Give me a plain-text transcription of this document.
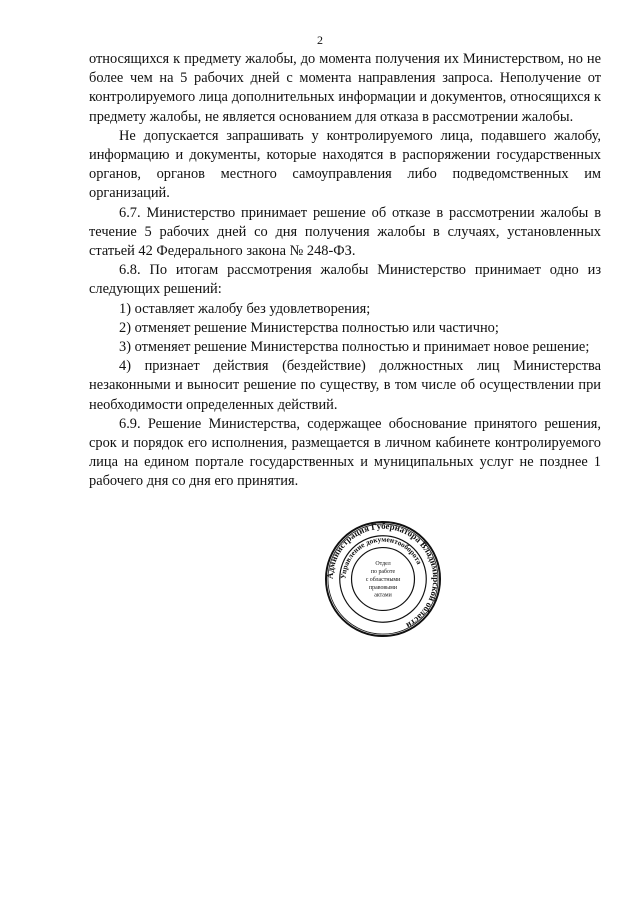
2

относящихся к предмету жалобы, до момента получения их Министерством, но не более чем на 5 рабочих дней с момента направления запроса. Неполучение от контролируемого лица дополнительных информации и документов, относящихся к предмету жалобы, не является основанием для отказа в рассмотрении жалобы.

Не допускается запрашивать у контролируемого лица, подавшего жалобу, информацию и документы, которые находятся в распоряжении государственных органов, органов местного самоуправления либо подведомственных им организаций.

6.7. Министерство принимает решение об отказе в рассмотрении жалобы в течение 5 рабочих дней со дня получения жалобы в случаях, установленных статьей 42 Федерального закона № 248-ФЗ.

6.8. По итогам рассмотрения жалобы Министерство принимает одно из следующих решений:

1) оставляет жалобу без удовлетворения;

2) отменяет решение Министерства полностью или частично;

3) отменяет решение Министерства полностью и принимает новое решение;

4) признает действия (бездействие) должностных лиц Министерства незаконными и выносит решение по существу, в том числе об осуществлении при необходимости определенных действий.

6.9. Решение Министерства, содержащее обоснование принятого решения, срок и порядок его исполнения, размещается в личном кабинете контролируемого лица на едином портале государственных и муниципальных услуг не позднее 1 рабочего дня со дня его принятия.

Администрация Губернатора Владимирской области
Управление документооборота
Отдел
по работе
с областными
правовыми
актами
